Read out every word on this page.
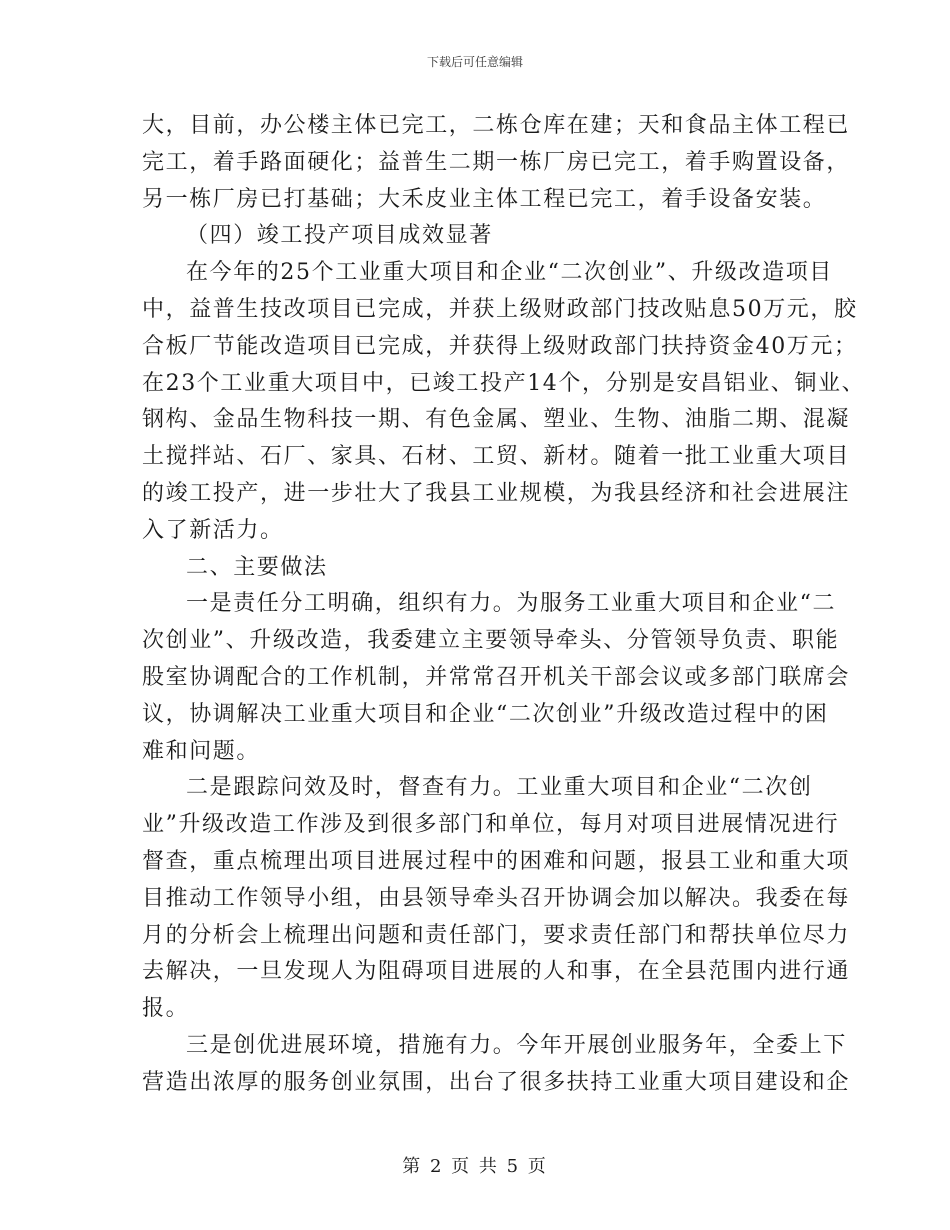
下载后可任意编辑
大，目前，办公楼主体已完工，二栋仓库在建；天和食品主体工程已
完工，着手路面硬化；益普生二期一栋厂房已完工，着手购置设备，
另一栋厂房已打基础；大禾皮业主体工程已完工，着手设备安装。
（四）竣工投产项目成效显著
在今年的25个工业重大项目和企业“二次创业”、升级改造项目
中，益普生技改项目已完成，并获上级财政部门技改贴息50万元，胶
合板厂节能改造项目已完成，并获得上级财政部门扶持资金40万元；
在23个工业重大项目中，已竣工投产14个，分别是安昌铝业、铜业、
钢构、金品生物科技一期、有色金属、塑业、生物、油脂二期、混凝
土搅拌站、石厂、家具、石材、工贸、新材。随着一批工业重大项目
的竣工投产，进一步壮大了我县工业规模，为我县经济和社会进展注
入了新活力。
二、主要做法
一是责任分工明确，组织有力。为服务工业重大项目和企业“二
次创业”、升级改造，我委建立主要领导牵头、分管领导负责、职能
股室协调配合的工作机制，并常常召开机关干部会议或多部门联席会
议，协调解决工业重大项目和企业“二次创业”升级改造过程中的困
难和问题。
二是跟踪问效及时，督查有力。工业重大项目和企业“二次创
业”升级改造工作涉及到很多部门和单位，每月对项目进展情况进行
督查，重点梳理出项目进展过程中的困难和问题，报县工业和重大项
目推动工作领导小组，由县领导牵头召开协调会加以解决。我委在每
月的分析会上梳理出问题和责任部门，要求责任部门和帮扶单位尽力
去解决，一旦发现人为阻碍项目进展的人和事，在全县范围内进行通
报。
三是创优进展环境，措施有力。今年开展创业服务年，全委上下
营造出浓厚的服务创业氛围，出台了很多扶持工业重大项目建设和企
第 2 页 共 5 页
